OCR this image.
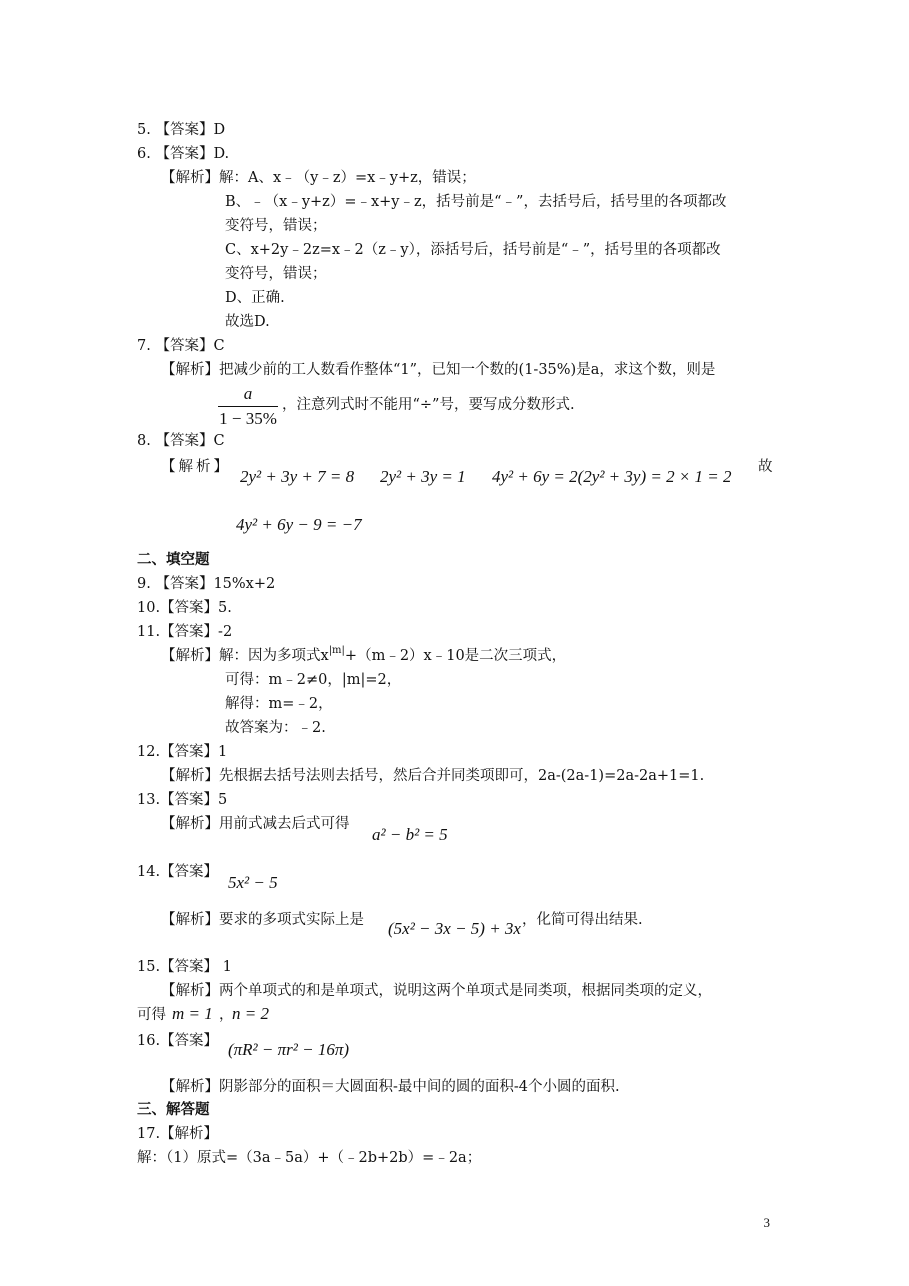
5. 【答案】D
6. 【答案】D.
【解析】解：A、x﹣（y﹣z）=x﹣y+z，错误；
B、﹣（x﹣y+z）=﹣x+y﹣z，括号前是“﹣”，去括号后，括号里的各项都改
变符号，错误；
C、x+2y﹣2z=x﹣2（z﹣y），添括号后，括号前是“﹣”，括号里的各项都改
变符号，错误；
D、正确.
故选D.
7. 【答案】C
【解析】把减少前的工人数看作整体“1”，已知一个数的(1-35%)是a，求这个数，则是
$\frac{a}{1 - 35\%}$ ，注意列式时不能用“÷”号，要写成分数形式.
8. 【答案】C
【解析】 2y² + 3y + 7 = 8 2y² + 3y = 1 4y² + 6y = 2(2y² + 3y) = 2 × 1 = 2 故
4y² + 6y − 9 = −7
二、填空题
9. 【答案】15%x+2
10.【答案】5.
11.【答案】-2
【解析】解：因为多项式$x^{|m|}+(m﹣2)x﹣10$是二次三项式，
可得：m﹣2≠0，|m|=2，
解得：m=﹣2，
故答案为：﹣2.
12.【答案】1
【解析】先根据去括号法则去括号，然后合并同类项即可，2a-(2a-1)=2a-2a+1=1.
13.【答案】5
【解析】用前式减去后式可得
a² − b² = 5
14.【答案】
5x² − 5
【解析】要求的多项式实际上是 (5x² − 3x − 5) + 3x ，化简可得出结果.
15.【答案】 1
【解析】两个单项式的和是单项式，说明这两个单项式是同类项，根据同类项的定义，
可得 m = 1 ，
n = 2
16.【答案】 (πR² − πr² − 16π)
【解析】阴影部分的面积＝大圆面积-最中间的圆的面积-4个小圆的面积.
三、解答题
17.【解析】
解：（1）原式=（3a﹣5a）+（﹣2b+2b）=﹣2a；
3
